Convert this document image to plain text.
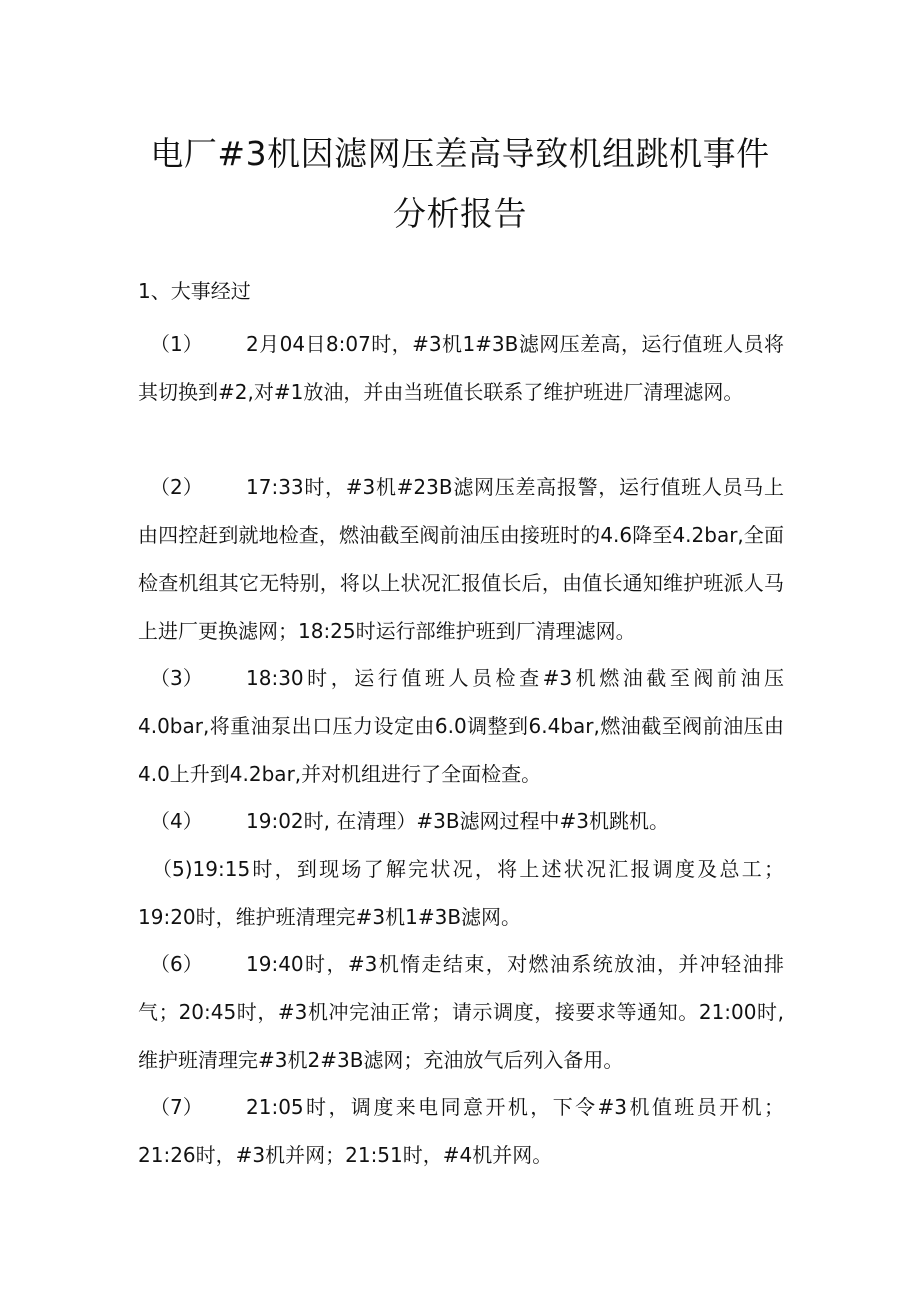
电厂#3机因滤网压差高导致机组跳机事件
分析报告
1、大事经过

（1） 2月04日8:07时，#3机1#3B滤网压差高，运行值班人员将其切换到#2,对#1放油，并由当班值长联系了维护班进厂清理滤网。

（2） 17:33时，#3机#23B滤网压差高报警，运行值班人员马上由四控赶到就地检查，燃油截至阀前油压由接班时的4.6降至4.2bar,全面检查机组其它无特别，将以上状况汇报值长后，由值长通知维护班派人马上进厂更换滤网；18:25时运行部维护班到厂清理滤网。

（3） 18:30时，运行值班人员检查#3机燃油截至阀前油压4.0bar,将重油泵出口压力设定由6.0调整到6.4bar,燃油截至阀前油压由4.0上升到4.2bar,并对机组进行了全面检查。

（4） 19:02时, 在清理）#3B滤网过程中#3机跳机。

（5)19:15时，到现场了解完状况，将上述状况汇报调度及总工；19:20时，维护班清理完#3机1#3B滤网。

（6） 19:40时，#3机惰走结束，对燃油系统放油，并冲轻油排气；20:45时，#3机冲完油正常；请示调度，接要求等通知。21:00时,维护班清理完#3机2#3B滤网；充油放气后列入备用。

（7） 21:05时，调度来电同意开机，下令#3机值班员开机；21:26时，#3机并网；21:51时，#4机并网。
